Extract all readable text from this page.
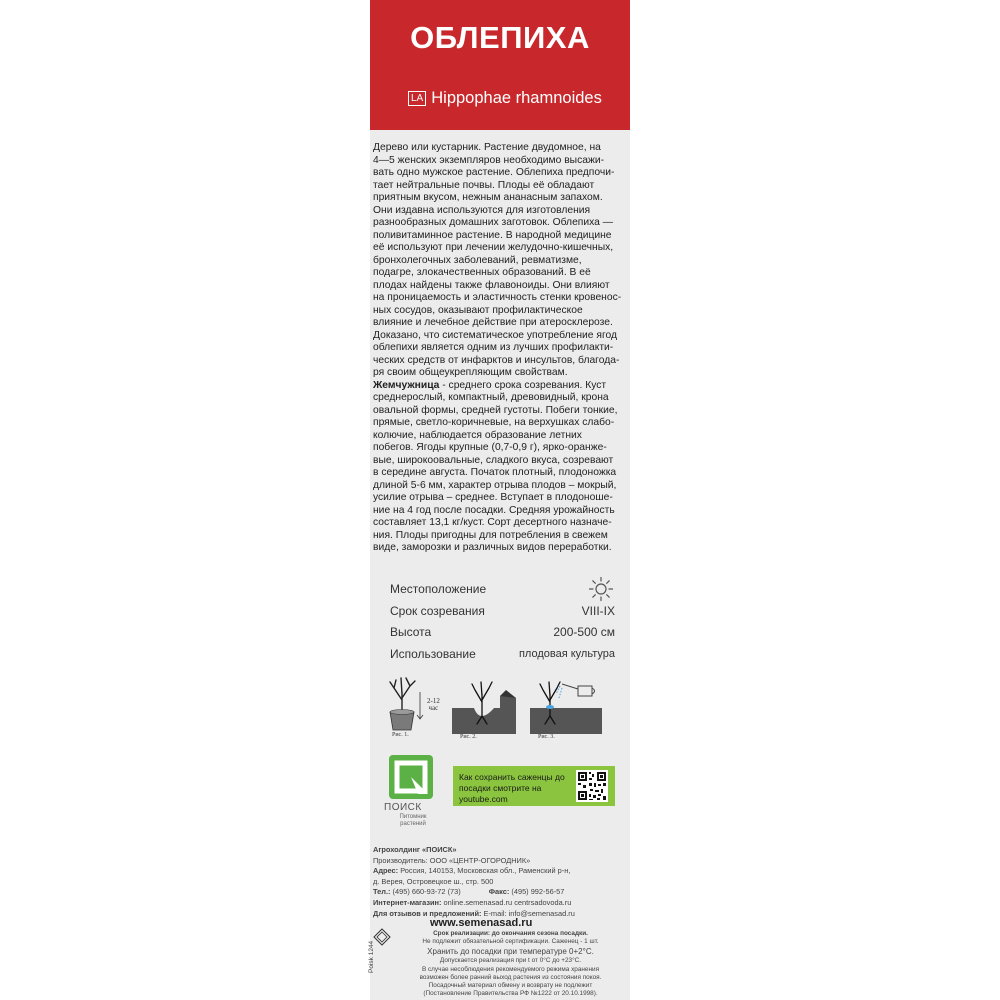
ОБЛЕПИХА
LA Hippophae rhamnoides

Дерево или кустарник. Растение двудомное, на

4—5 женских экземпляров необходимо высажи-

вать одно мужское растение. Облепиха предпочи-

тает нейтральные почвы. Плоды её обладают

приятным вкусом, нежным ананасным запахом.

Они издавна используются для изготовления

разнообразных домашних заготовок. Облепиха —

поливитаминное растение. В народной медицине

её используют при лечении желудочно-кишечных,

бронхолегочных заболеваний, ревматизме,

подагре, злокачественных образований. В её

плодах найдены также флавоноиды. Они влияют

на проницаемость и эластичность стенки кровенос-

ных сосудов, оказывают профилактическое

влияние и лечебное действие при атеросклерозе.

Доказано, что систематическое употребление ягод

облепихи является одним из лучших профилакти-

ческих средств от инфарктов и инсультов, благода-

ря своим общеукрепляющим свойствам.

Жемчужница - среднего срока созревания. Куст

среднерослый, компактный, древовидный, крона

овальной формы, средней густоты. Побеги тонкие,

прямые, светло-коричневые, на верхушках слабо-

колючие, наблюдается образование летних

побегов. Ягоды крупные (0,7-0,9 г), ярко-оранже-

вые, широкоовальные, сладкого вкуса, созревают

в середине августа. Початок плотный, плодоножка

длиной 5-6 мм, характер отрыва плодов – мокрый,

усилие отрыва – среднее. Вступает в плодоноше-

ние на 4 год после посадки. Средняя урожайность

составляет 13,1 кг/куст. Сорт десертного назначе-

ния. Плоды пригодны для потребления в свежем

виде, заморозки и различных видов переработки.

Местоположение
Срок созревания	VIII-IX
Высота	200-500 см
Использование	плодовая культура
2-12
час
Рис. 1.	Рис. 2.	Рис. 3.
ПОИСК
Питомник
растений
Как сохранить саженцы до посадки смотрите на youtube.com

Агрохолдинг «ПОИСК»

Производитель: ООО «ЦЕНТР-ОГОРОДНИК»

Адрес: Россия, 140153, Московская обл., Раменский р-н,

д. Верея, Островецкое ш., стр. 500

Тел.: (495) 660-93-72 (73)	Факс: (495) 992-56-57

Интернет-магазин: online.semenasad.ru centrsadovoda.ru

Для отзывов и предложений: E-mail: info@semenasad.ru

www.semenasad.ru

Срок реализации: до окончания сезона посадки.

Не подлежит обязательной сертификации. Саженец - 1 шт.

Хранить до посадки при температуре 0+2°С.

Допускается реализация при t от 0°С до +23°С.

В случае несоблюдения рекомендуемого режима хранения

возможен более ранний выход растения из состояния покоя.

Посадочный материал обмену и возврату не подлежит

(Постановление Правительства РФ №1222 от 20.10.1998).

Poisk 1244
